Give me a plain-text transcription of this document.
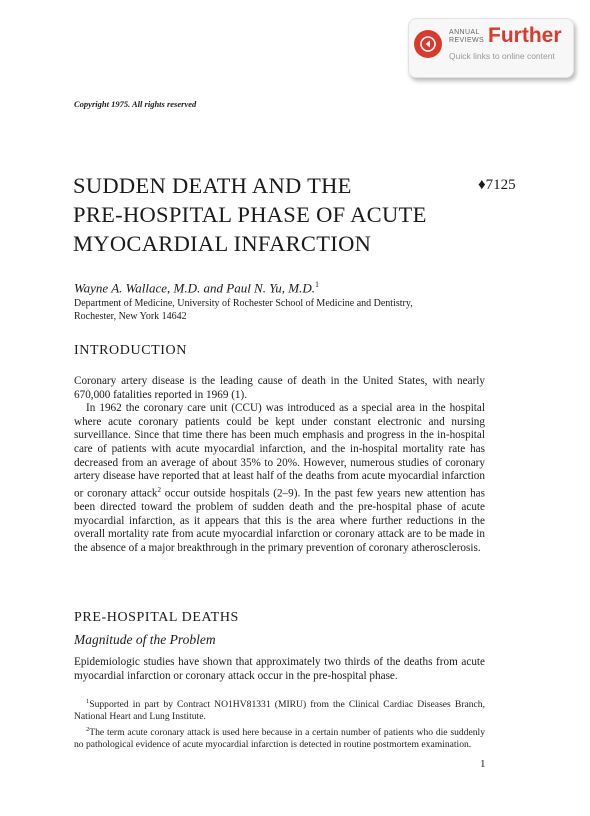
ANNUAL
REVIEWS Further
Quick links to online content
Copyright 1975. All rights reserved
SUDDEN DEATH AND THE
PRE-HOSPITAL PHASE OF ACUTE
MYOCARDIAL INFARCTION
♦7125
Wayne A. Wallace, M.D. and Paul N. Yu, M.D.$^1$
Department of Medicine, University of Rochester School of Medicine and Dentistry,
Rochester, New York 14642
INTRODUCTION

Coronary artery disease is the leading cause of death in the United States, with nearly 670,000 fatalities reported in 1969 (1).

In 1962 the coronary care unit (CCU) was introduced as a special area in the hospital where acute coronary patients could be kept under constant electronic and nursing surveillance. Since that time there has been much emphasis and progress in the in-hospital care of patients with acute myocardial infarction, and the in-hospital mortality rate has decreased from an average of about 35% to 20%. However, numerous studies of coronary artery disease have reported that at least half of the deaths from acute myocardial infarction or coronary attack$^2$ occur outside hospitals (2–9). In the past few years new attention has been directed toward the problem of sudden death and the pre-hospital phase of acute myocardial infarction, as it appears that this is the area where further reductions in the overall mortality rate from acute myocardial infarction or coronary attack are to be made in the absence of a major breakthrough in the primary prevention of coronary atherosclerosis.

PRE-HOSPITAL DEATHS
Magnitude of the Problem

Epidemiologic studies have shown that approximately two thirds of the deaths from acute myocardial infarction or coronary attack occur in the pre-hospital phase.

$^1$Supported in part by Contract NO1HV81331 (MIRU) from the Clinical Cardiac Diseases Branch, National Heart and Lung Institute.

$^2$The term acute coronary attack is used here because in a certain number of patients who die suddenly no pathological evidence of acute myocardial infarction is detected in routine postmortem examination.

1
